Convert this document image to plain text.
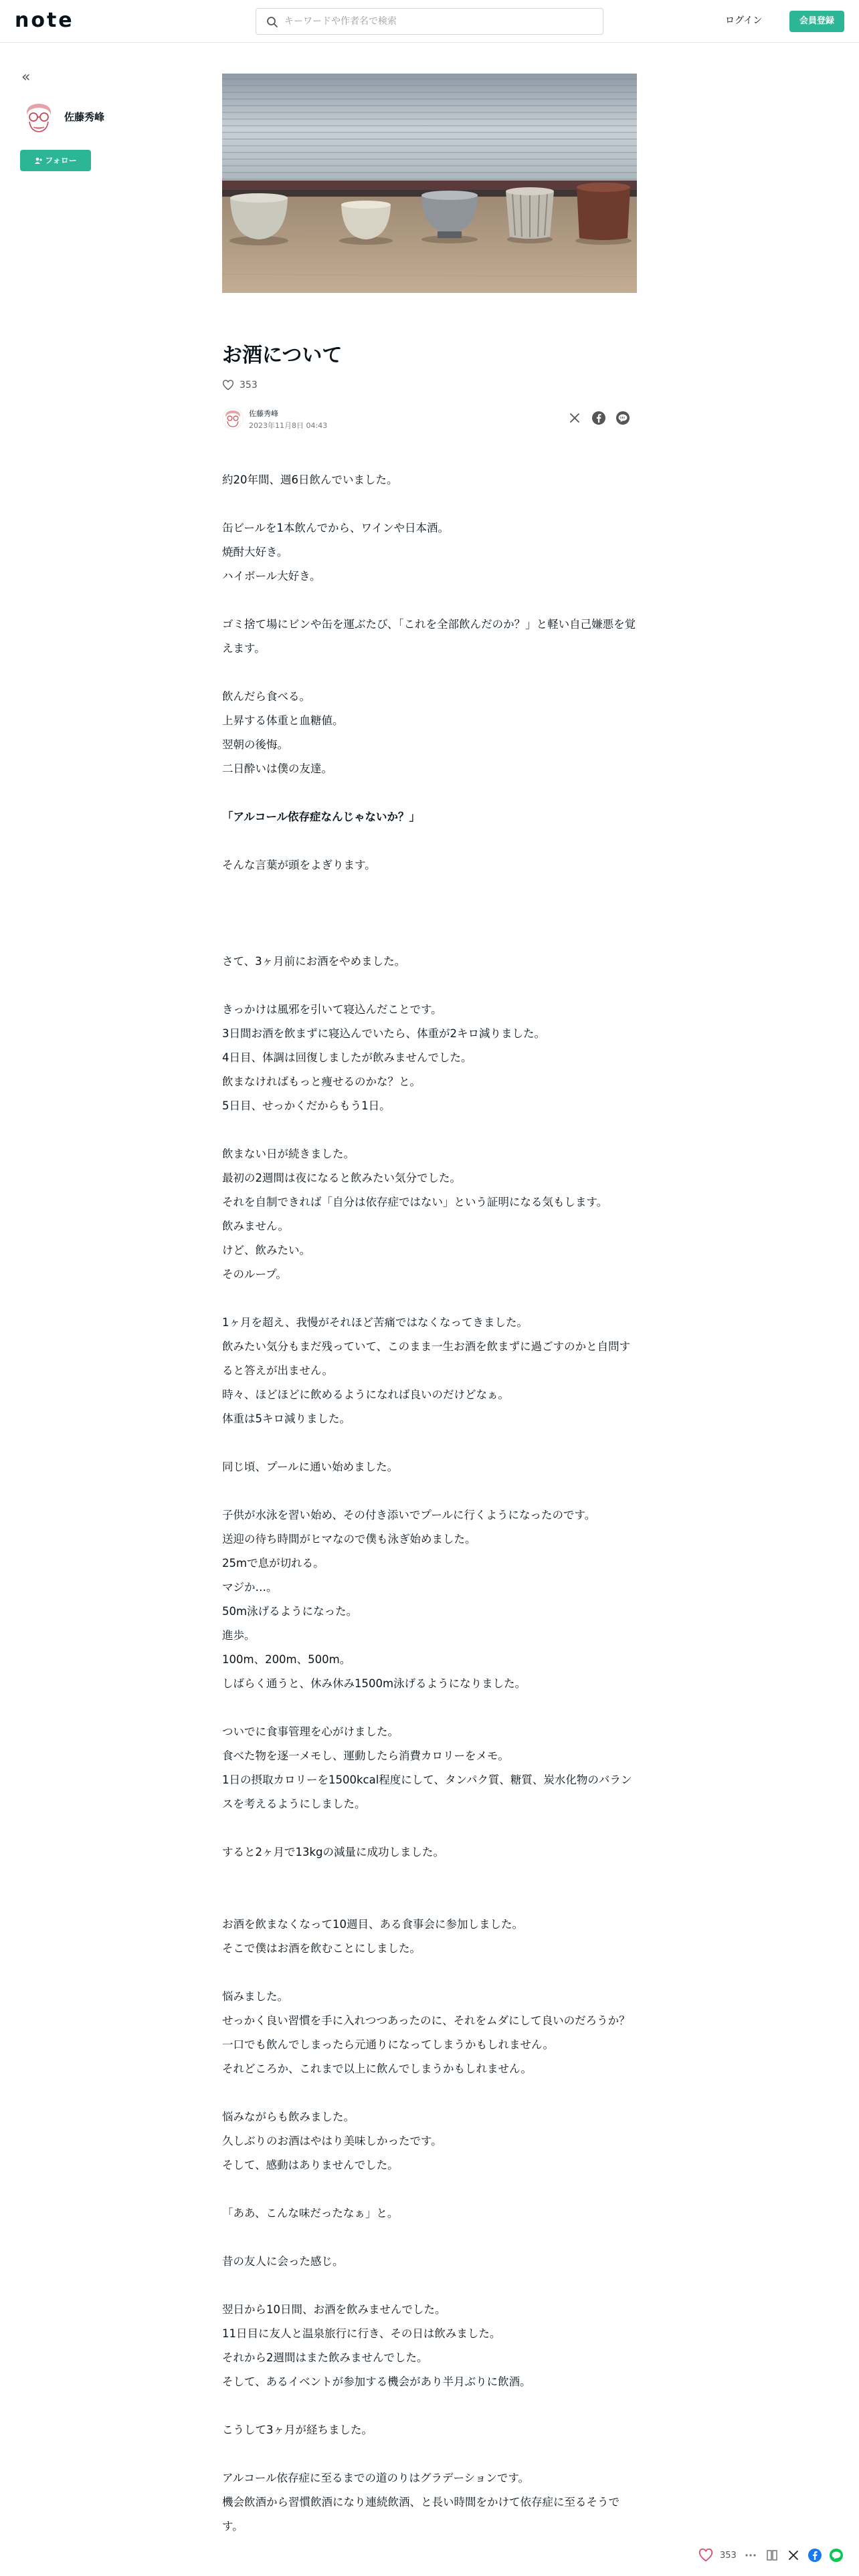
note
キーワードや作者名で検索	ログイン	会員登録
«
佐藤秀峰
フォロー
お酒について
353
佐藤秀峰
2023年11月8日 04:43

約20年間、週6日飲んでいました。

缶ビールを1本飲んでから、ワインや日本酒。

焼酎大好き。

ハイボール大好き。

ゴミ捨て場にビンや缶を運ぶたび、「これを全部飲んだのか？」と軽い自己嫌悪を覚えます。

飲んだら食べる。

上昇する体重と血糖値。

翌朝の後悔。

二日酔いは僕の友達。

「アルコール依存症なんじゃないか？」

そんな言葉が頭をよぎります。

さて、3ヶ月前にお酒をやめました。

きっかけは風邪を引いて寝込んだことです。

3日間お酒を飲まずに寝込んでいたら、体重が2キロ減りました。

4日目、体調は回復しましたが飲みませんでした。

飲まなければもっと痩せるのかな？と。

5日目、せっかくだからもう1日。

飲まない日が続きました。

最初の2週間は夜になると飲みたい気分でした。

それを自制できれば「自分は依存症ではない」という証明になる気もします。

飲みません。

けど、飲みたい。

そのループ。

1ヶ月を超え、我慢がそれほど苦痛ではなくなってきました。

飲みたい気分もまだ残っていて、このまま一生お酒を飲まずに過ごすのかと自問すると答えが出ません。

時々、ほどほどに飲めるようになれば良いのだけどなぁ。

体重は5キロ減りました。

同じ頃、プールに通い始めました。

子供が水泳を習い始め、その付き添いでプールに行くようになったのです。

送迎の待ち時間がヒマなので僕も泳ぎ始めました。

25mで息が切れる。

マジか…。

50m泳げるようになった。

進歩。

100m、200m、500m。

しばらく通うと、休み休み1500m泳げるようになりました。

ついでに食事管理を心がけました。

食べた物を逐一メモし、運動したら消費カロリーをメモ。

1日の摂取カロリーを1500kcal程度にして、タンパク質、糖質、炭水化物のバランスを考えるようにしました。

すると2ヶ月で13kgの減量に成功しました。

お酒を飲まなくなって10週目、ある食事会に参加しました。

そこで僕はお酒を飲むことにしました。

悩みました。

せっかく良い習慣を手に入れつつあったのに、それをムダにして良いのだろうか？

一口でも飲んでしまったら元通りになってしまうかもしれません。

それどころか、これまで以上に飲んでしまうかもしれません。

悩みながらも飲みました。

久しぶりのお酒はやはり美味しかったです。

そして、感動はありませんでした。

「ああ、こんな味だったなぁ」と。

昔の友人に会った感じ。

翌日から10日間、お酒を飲みませんでした。

11日目に友人と温泉旅行に行き、その日は飲みました。

それから2週間はまた飲みませんでした。

そして、あるイベントが参加する機会があり半月ぶりに飲酒。

こうして3ヶ月が経ちました。

アルコール依存症に至るまでの道のりはグラデーションです。

機会飲酒から習慣飲酒になり連続飲酒、と長い時間をかけて依存症に至るそうです。

353
